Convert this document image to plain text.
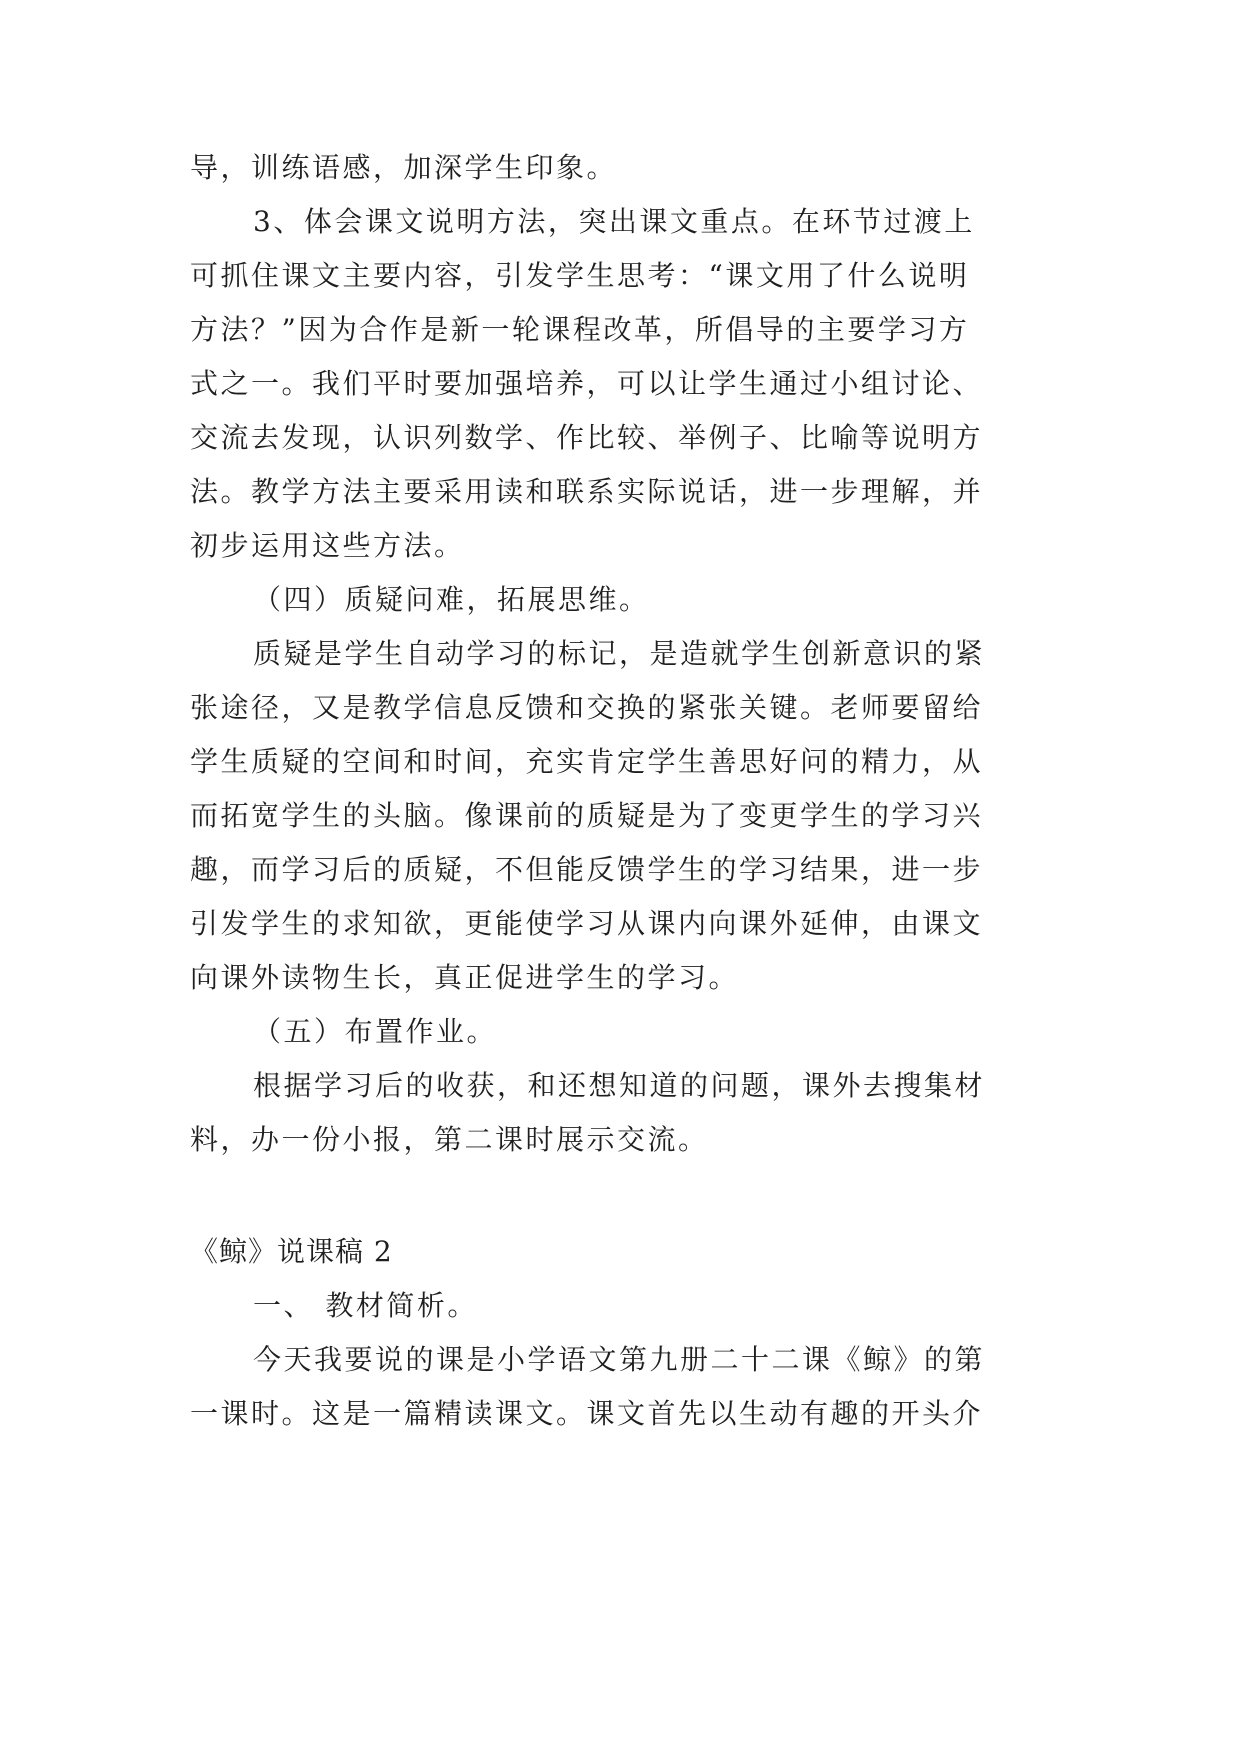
导，训练语感，加深学生印象。
3、体会课文说明方法，突出课文重点。在环节过渡上
可抓住课文主要内容，引发学生思考：“课文用了什么说明
方法？”因为合作是新一轮课程改革，所倡导的主要学习方
式之一。我们平时要加强培养，可以让学生通过小组讨论、
交流去发现，认识列数学、作比较、举例子、比喻等说明方
法。教学方法主要采用读和联系实际说话，进一步理解，并
初步运用这些方法。
（四）质疑问难，拓展思维。
质疑是学生自动学习的标记，是造就学生创新意识的紧
张途径，又是教学信息反馈和交换的紧张关键。老师要留给
学生质疑的空间和时间，充实肯定学生善思好问的精力，从
而拓宽学生的头脑。像课前的质疑是为了变更学生的学习兴
趣，而学习后的质疑，不但能反馈学生的学习结果，进一步
引发学生的求知欲，更能使学习从课内向课外延伸，由课文
向课外读物生长，真正促进学生的学习。
（五）布置作业。
根据学习后的收获，和还想知道的问题，课外去搜集材
料，办一份小报，第二课时展示交流。
《鲸》说课稿 2
一、 教材简析。
今天我要说的课是小学语文第九册二十二课《鲸》的第
一课时。这是一篇精读课文。课文首先以生动有趣的开头介
